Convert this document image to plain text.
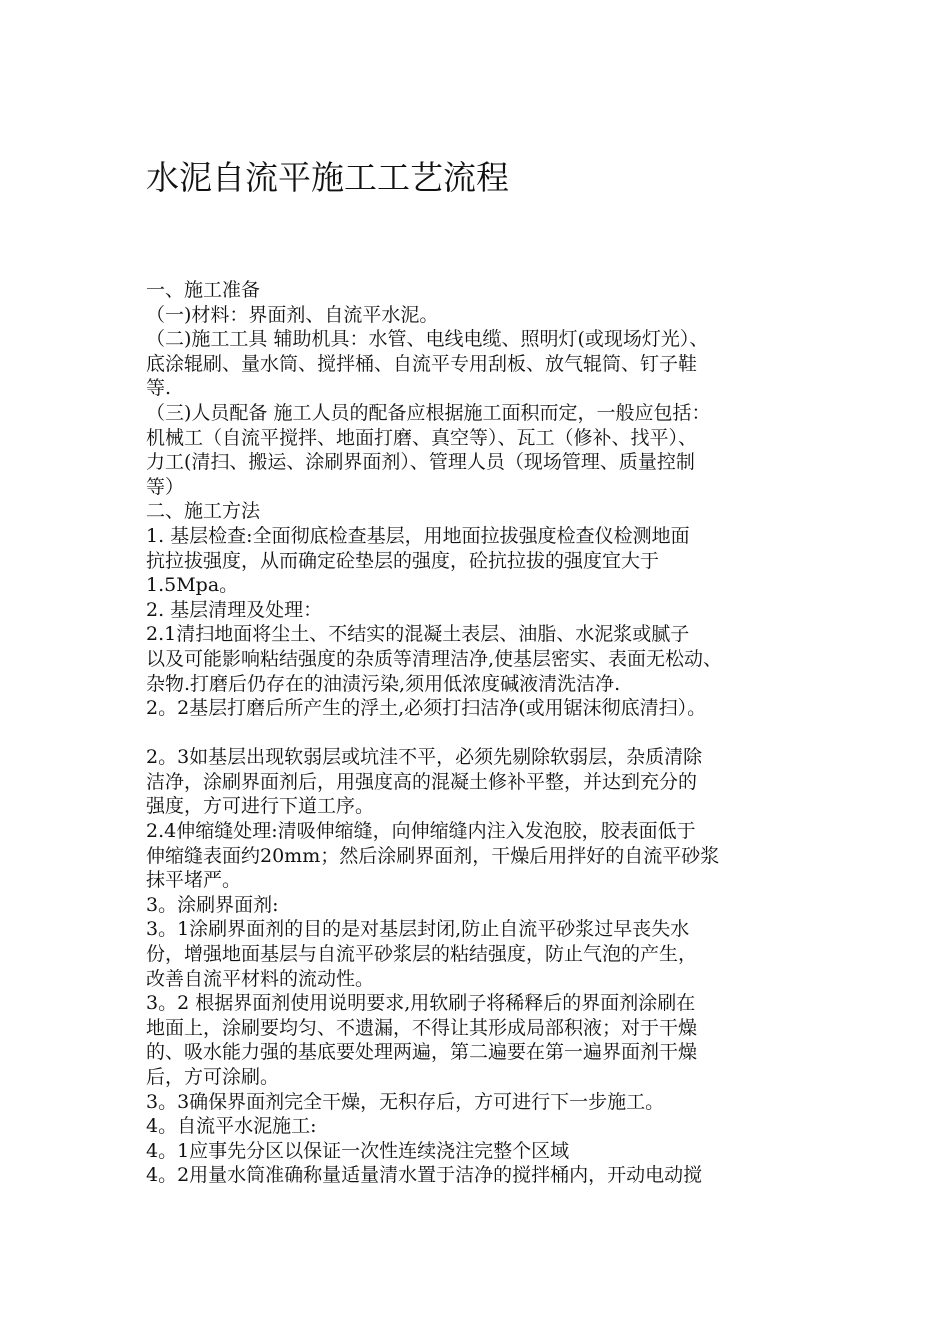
水泥自流平施工工艺流程
一、施工准备
（一)材料：界面剂、自流平水泥。
（二)施工工具 辅助机具：水管、电线电缆、照明灯(或现场灯光）、
底涂辊刷、量水筒、搅拌桶、自流平专用刮板、放气辊筒、钉子鞋
等.
（三)人员配备 施工人员的配备应根据施工面积而定，一般应包括：
机械工（自流平搅拌、地面打磨、真空等）、瓦工（修补、找平）、
力工(清扫、搬运、涂刷界面剂）、管理人员（现场管理、质量控制
等）
二、施工方法
1. 基层检查:全面彻底检查基层，用地面拉拔强度检查仪检测地面
抗拉拔强度，从而确定砼垫层的强度，砼抗拉拔的强度宜大于
1.5Mpa。
2. 基层清理及处理：
2.1清扫地面将尘土、不结实的混凝土表层、油脂、水泥浆或腻子
以及可能影响粘结强度的杂质等清理洁净,使基层密实、表面无松动、
杂物.打磨后仍存在的油渍污染,须用低浓度碱液清洗洁净.
2。2基层打磨后所产生的浮土,必须打扫洁净(或用锯沫彻底清扫）。
2。3如基层出现软弱层或坑洼不平，必须先剔除软弱层，杂质清除
洁净，涂刷界面剂后，用强度高的混凝土修补平整，并达到充分的
强度，方可进行下道工序。
2.4伸缩缝处理:清吸伸缩缝，向伸缩缝内注入发泡胶，胶表面低于
伸缩缝表面约20mm；然后涂刷界面剂，干燥后用拌好的自流平砂浆
抹平堵严。
3。涂刷界面剂:
3。1涂刷界面剂的目的是对基层封闭,防止自流平砂浆过早丧失水
份，增强地面基层与自流平砂浆层的粘结强度，防止气泡的产生，
改善自流平材料的流动性。
3。2 根据界面剂使用说明要求,用软刷子将稀释后的界面剂涂刷在
地面上，涂刷要均匀、不遗漏，不得让其形成局部积液；对于干燥
的、吸水能力强的基底要处理两遍，第二遍要在第一遍界面剂干燥
后，方可涂刷。
3。3确保界面剂完全干燥，无积存后，方可进行下一步施工。
4。自流平水泥施工:
4。1应事先分区以保证一次性连续浇注完整个区域
4。2用量水筒准确称量适量清水置于洁净的搅拌桶内，开动电动搅
